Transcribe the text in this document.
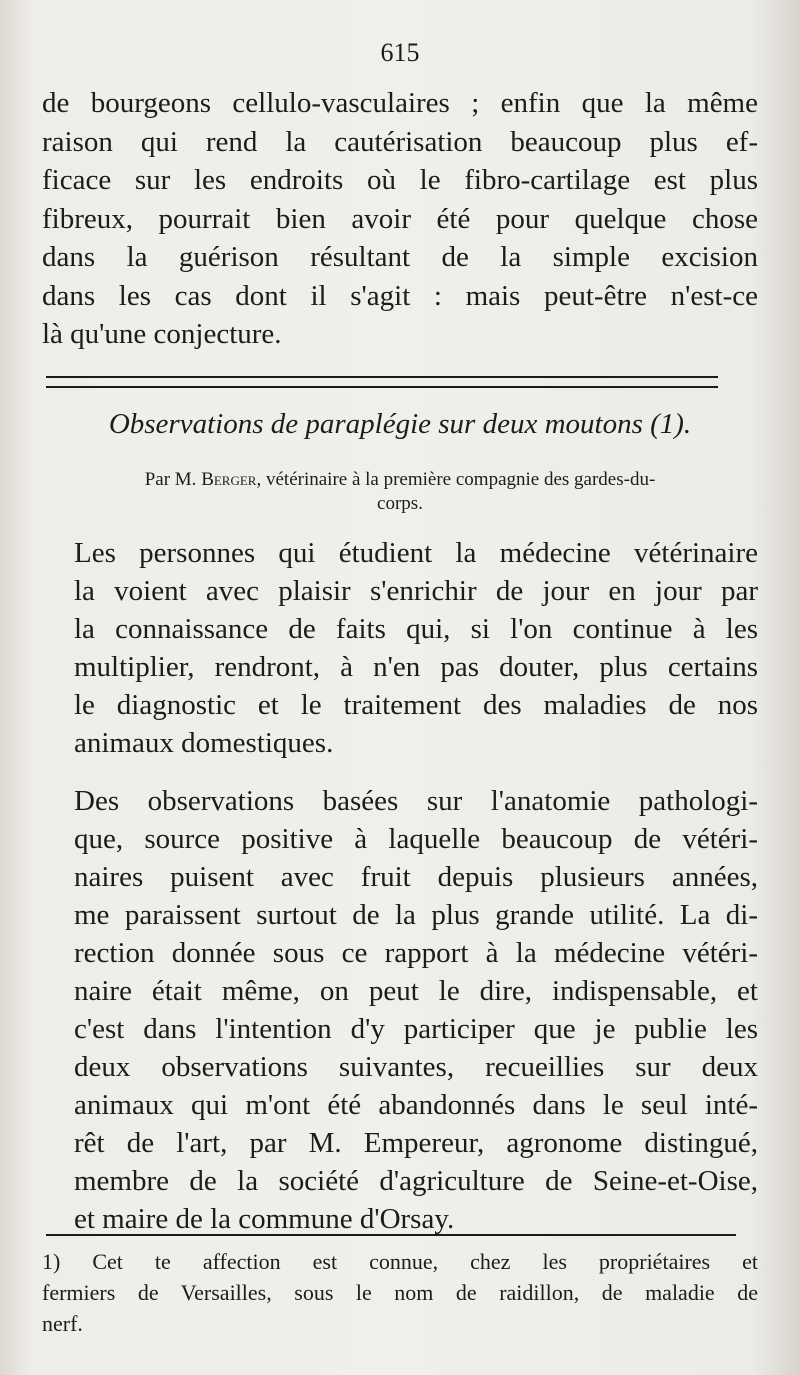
615

de bourgeons cellulo-vasculaires ; enfin que la même
raison qui rend la cautérisation beaucoup plus ef-
ficace sur les endroits où le fibro-cartilage est plus
fibreux, pourrait bien avoir été pour quelque chose
dans la guérison résultant de la simple excision
dans les cas dont il s'agit : mais peut-être n'est-ce
là qu'une conjecture.

Observations de paraplégie sur deux moutons (1).
Par M. Berger, vétérinaire à la première compagnie des gardes-du-
corps.

Les personnes qui étudient la médecine vétérinaire
la voient avec plaisir s'enrichir de jour en jour par
la connaissance de faits qui, si l'on continue à les
multiplier, rendront, à n'en pas douter, plus certains
le diagnostic et le traitement des maladies de nos
animaux domestiques.

Des observations basées sur l'anatomie pathologi-
que, source positive à laquelle beaucoup de vétéri-
naires puisent avec fruit depuis plusieurs années,
me paraissent surtout de la plus grande utilité. La di-
rection donnée sous ce rapport à la médecine vétéri-
naire était même, on peut le dire, indispensable, et
c'est dans l'intention d'y participer que je publie les
deux observations suivantes, recueillies sur deux
animaux qui m'ont été abandonnés dans le seul inté-
rêt de l'art, par M. Empereur, agronome distingué,
membre de la société d'agriculture de Seine-et-Oise,
et maire de la commune d'Orsay.

1) Cet te affection est connue, chez les propriétaires et
fermiers de Versailles, sous le nom de raidillon, de maladie de
nerf.
